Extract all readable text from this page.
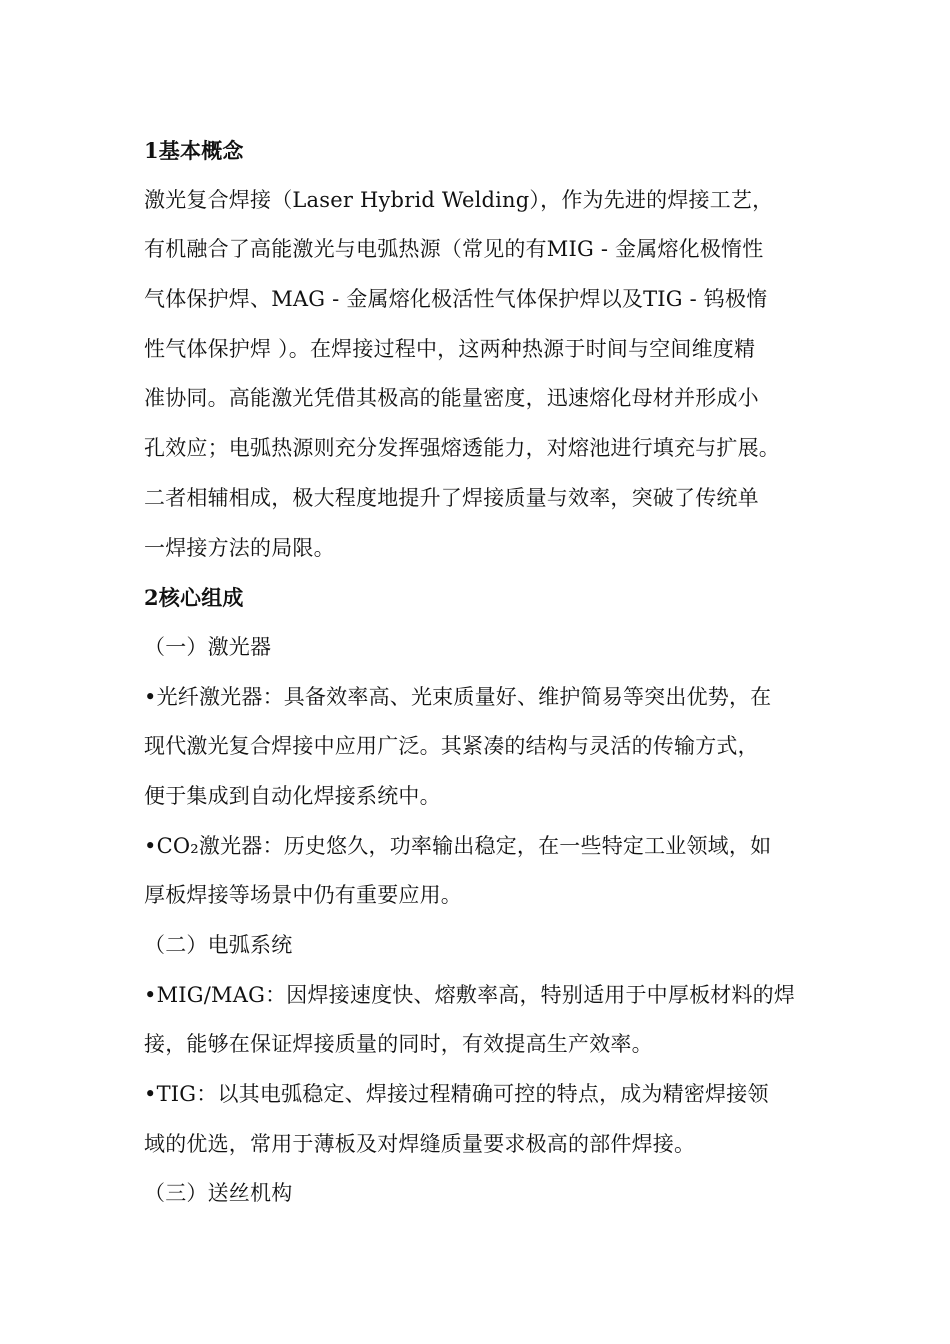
1基本概念
激光复合焊接（Laser Hybrid Welding），作为先进的焊接工艺，
有机融合了高能激光与电弧热源（常见的有MIG - 金属熔化极惰性
气体保护焊、MAG - 金属熔化极活性气体保护焊以及TIG - 钨极惰
性气体保护焊 ）。在焊接过程中，这两种热源于时间与空间维度精
准协同。高能激光凭借其极高的能量密度，迅速熔化母材并形成小
孔效应；电弧热源则充分发挥强熔透能力，对熔池进行填充与扩展。
二者相辅相成，极大程度地提升了焊接质量与效率，突破了传统单
一焊接方法的局限。
2核心组成
（一）激光器
•光纤激光器：具备效率高、光束质量好、维护简易等突出优势，在
现代激光复合焊接中应用广泛。其紧凑的结构与灵活的传输方式，
便于集成到自动化焊接系统中。
•CO₂激光器：历史悠久，功率输出稳定，在一些特定工业领域，如
厚板焊接等场景中仍有重要应用。
（二）电弧系统
•MIG/MAG：因焊接速度快、熔敷率高，特别适用于中厚板材料的焊
接，能够在保证焊接质量的同时，有效提高生产效率。
•TIG：以其电弧稳定、焊接过程精确可控的特点，成为精密焊接领
域的优选，常用于薄板及对焊缝质量要求极高的部件焊接。
（三）送丝机构
